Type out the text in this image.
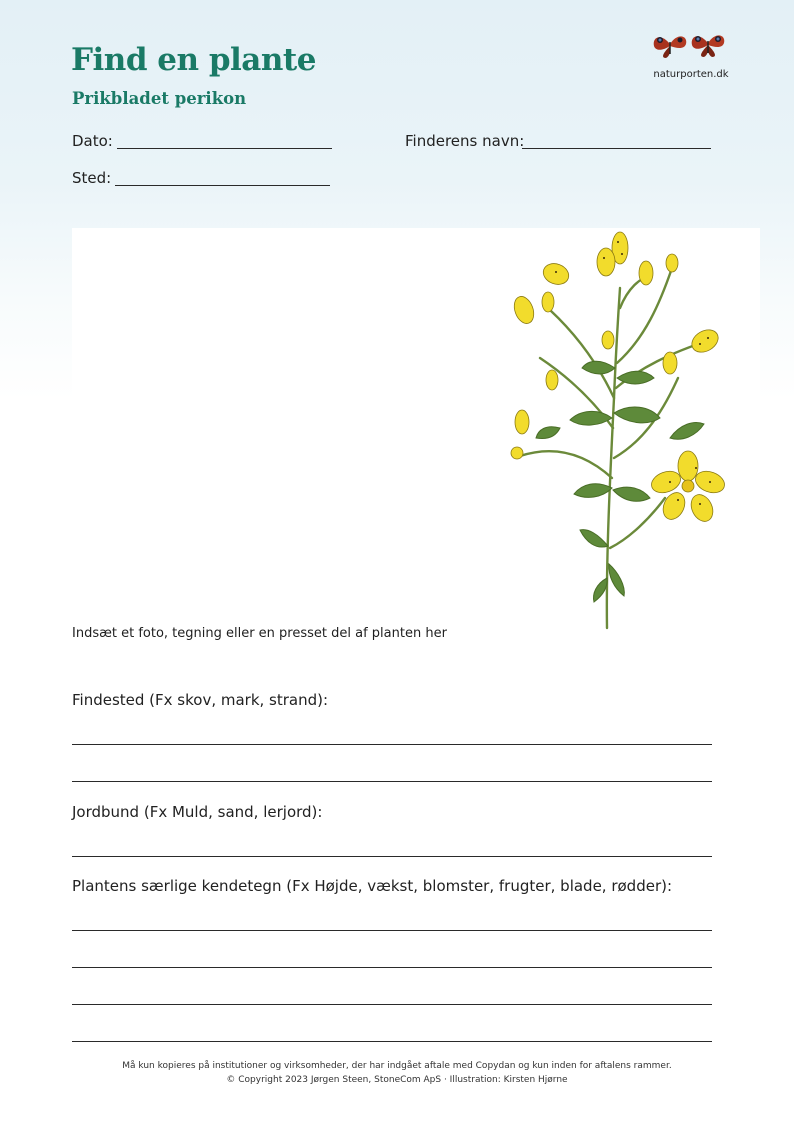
Find en plante
Prikbladet perikon
naturporten.dk
Dato:	Finderens navn:
Sted:
Indsæt et foto, tegning eller en presset del af planten her
Findested (Fx skov, mark, strand):
Jordbund (Fx Muld, sand, lerjord):
Plantens særlige kendetegn (Fx Højde, vækst, blomster, frugter, blade, rødder):
Må kun kopieres på institutioner og virksomheder, der har indgået aftale med Copydan og kun inden for aftalens rammer.
© Copyright 2023 Jørgen Steen, StoneCom ApS · Illustration: Kirsten Hjørne
